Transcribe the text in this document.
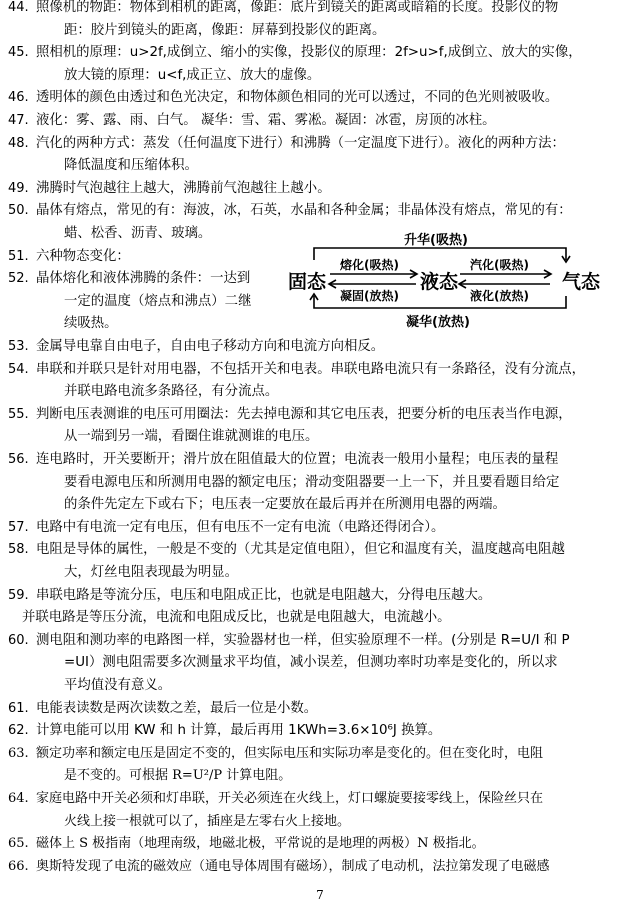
44. 照像机的物距：物体到相机的距离，像距：底片到镜关的距离或暗箱的长度。投影仪的物
距：胶片到镜头的距离，像距：屏幕到投影仪的距离。
45. 照相机的原理：u>2f,成倒立、缩小的实像，投影仪的原理：2f>u>f,成倒立、放大的实像，
放大镜的原理：u<f,成正立、放大的虚像。
46. 透明体的颜色由透过和色光决定，和物体颜色相同的光可以透过，不同的色光则被吸收。
47. 液化：雾、露、雨、白气。 凝华：雪、霜、雾凇。凝固：冰雹，房顶的冰柱。
48. 汽化的两种方式：蒸发（任何温度下进行）和沸腾（一定温度下进行）。液化的两种方法：
降低温度和压缩体积。
49. 沸腾时气泡越往上越大，沸腾前气泡越往上越小。
50. 晶体有熔点，常见的有：海波，冰，石英，水晶和各种金属；非晶体没有熔点，常见的有：
蜡、松香、沥青、玻璃。
51. 六种物态变化：
52. 晶体熔化和液体沸腾的条件：一达到
一定的温度（熔点和沸点）二继
续吸热。
53. 金属导电靠自由电子，自由电子移动方向和电流方向相反。
54. 串联和并联只是针对用电器，不包括开关和电表。串联电路电流只有一条路径，没有分流点，
并联电路电流多条路径，有分流点。
55. 判断电压表测谁的电压可用圈法：先去掉电源和其它电压表，把要分析的电压表当作电源，
从一端到另一端，看圈住谁就测谁的电压。
56. 连电路时，开关要断开；滑片放在阻值最大的位置；电流表一般用小量程；电压表的量程
要看电源电压和所测用电器的额定电压；滑动变阻器要一上一下，并且要看题目给定
的条件先定左下或右下；电压表一定要放在最后再并在所测用电器的两端。
57. 电路中有电流一定有电压，但有电压不一定有电流（电路还得闭合）。
58. 电阻是导体的属性，一般是不变的（尤其是定值电阻），但它和温度有关，温度越高电阻越
大，灯丝电阻表现最为明显。
59. 串联电路是等流分压，电压和电阻成正比，也就是电阻越大，分得电压越大。
并联电路是等压分流，电流和电阻成反比，也就是电阻越大，电流越小。
60. 测电阻和测功率的电路图一样，实验器材也一样，但实验原理不一样。(分别是 R=U/I 和 P
=UI）测电阻需要多次测量求平均值，减小误差，但测功率时功率是变化的，所以求
平均值没有意义。
61. 电能表读数是两次读数之差，最后一位是小数。
62. 计算电能可以用 KW 和 h 计算，最后再用 1KWh=3.6×10⁶J 换算。
63. 额定功率和额定电压是固定不变的，但实际电压和实际功率是变化的。但在变化时，电阻
是不变的。可根据 R=U²/P 计算电阻。
64. 家庭电路中开关必须和灯串联，开关必须连在火线上，灯口螺旋要接零线上，保险丝只在
火线上接一根就可以了，插座是左零右火上接地。
65. 磁体上 S 极指南（地理南级，地磁北极，平常说的是地理的两极）N 极指北。
66. 奥斯特发现了电流的磁效应（通电导体周围有磁场），制成了电动机，法拉第发现了电磁感
升华(吸热)
凝华(放热)
熔化(吸热)
凝固(放热)
汽化(吸热)
液化(放热)
固态	液态	气态
7
